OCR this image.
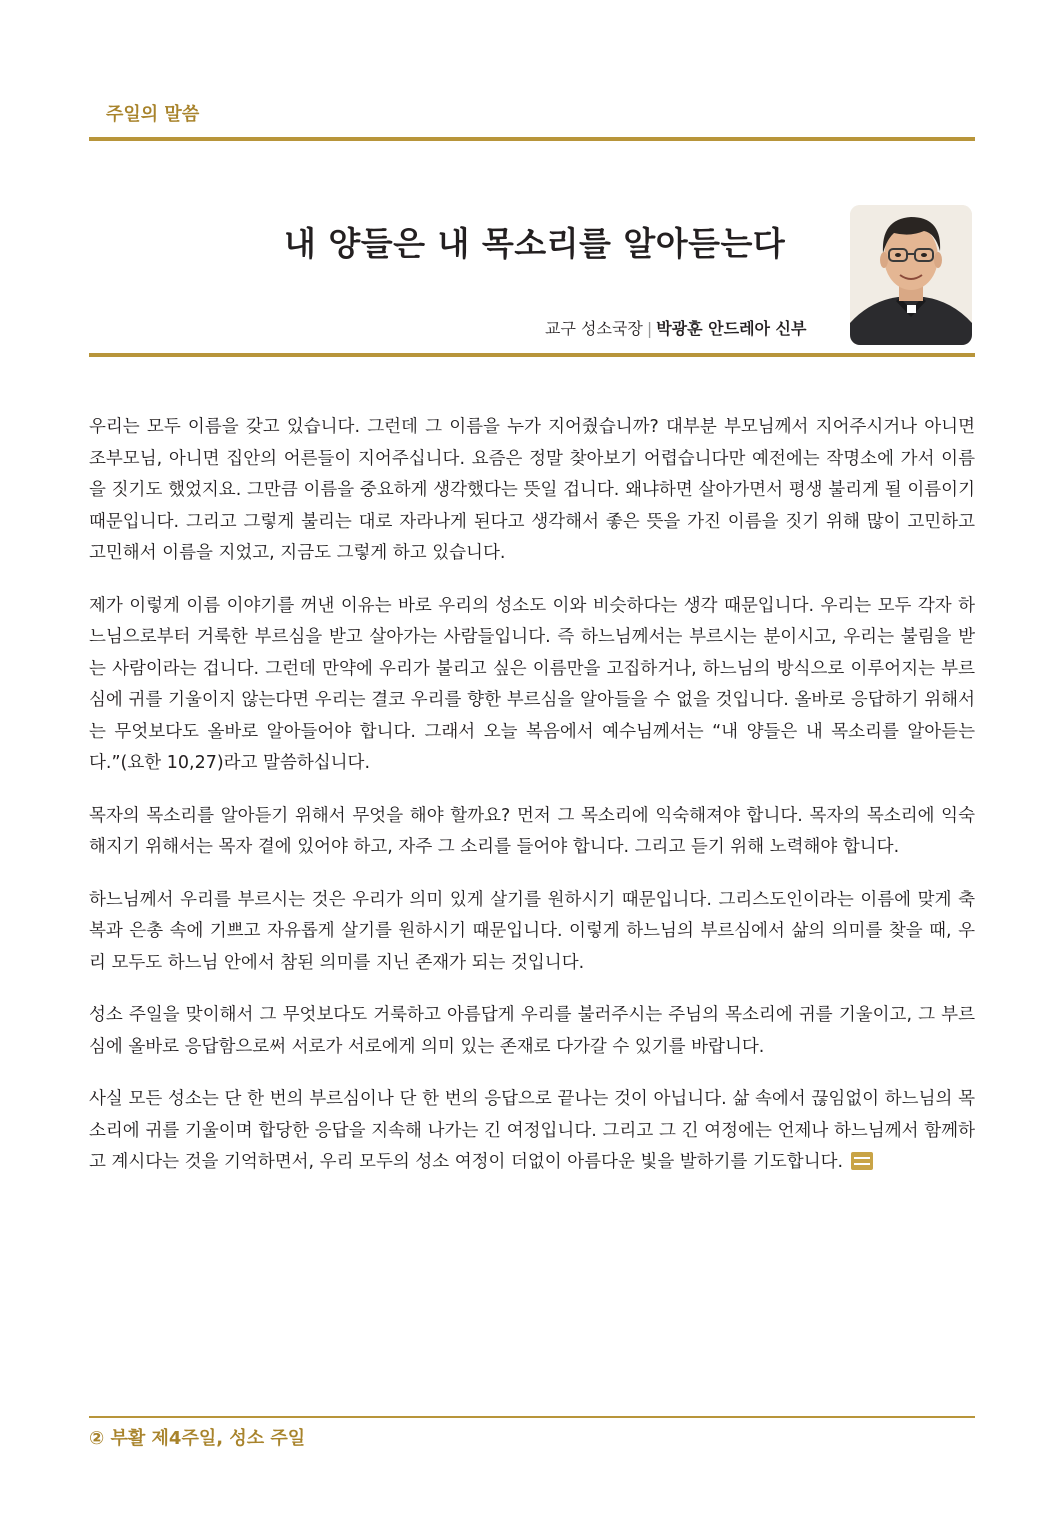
주일의 말씀
내 양들은 내 목소리를 알아듣는다
교구 성소국장 | 박광훈 안드레아 신부

우리는 모두 이름을 갖고 있습니다. 그런데 그 이름을 누가 지어줬습니까? 대부분 부모님께서 지어주시거나 아니면 조부모님, 아니면 집안의 어른들이 지어주십니다. 요즘은 정말 찾아보기 어렵습니다만 예전에는 작명소에 가서 이름을 짓기도 했었지요. 그만큼 이름을 중요하게 생각했다는 뜻일 겁니다. 왜냐하면 살아가면서 평생 불리게 될 이름이기 때문입니다. 그리고 그렇게 불리는 대로 자라나게 된다고 생각해서 좋은 뜻을 가진 이름을 짓기 위해 많이 고민하고 고민해서 이름을 지었고, 지금도 그렇게 하고 있습니다.

제가 이렇게 이름 이야기를 꺼낸 이유는 바로 우리의 성소도 이와 비슷하다는 생각 때문입니다. 우리는 모두 각자 하느님으로부터 거룩한 부르심을 받고 살아가는 사람들입니다. 즉 하느님께서는 부르시는 분이시고, 우리는 불림을 받는 사람이라는 겁니다. 그런데 만약에 우리가 불리고 싶은 이름만을 고집하거나, 하느님의 방식으로 이루어지는 부르심에 귀를 기울이지 않는다면 우리는 결코 우리를 향한 부르심을 알아들을 수 없을 것입니다. 올바로 응답하기 위해서는 무엇보다도 올바로 알아들어야 합니다. 그래서 오늘 복음에서 예수님께서는 “내 양들은 내 목소리를 알아듣는다.”(요한 10,27)라고 말씀하십니다.

목자의 목소리를 알아듣기 위해서 무엇을 해야 할까요? 먼저 그 목소리에 익숙해져야 합니다. 목자의 목소리에 익숙해지기 위해서는 목자 곁에 있어야 하고, 자주 그 소리를 들어야 합니다. 그리고 듣기 위해 노력해야 합니다.

하느님께서 우리를 부르시는 것은 우리가 의미 있게 살기를 원하시기 때문입니다. 그리스도인이라는 이름에 맞게 축복과 은총 속에 기쁘고 자유롭게 살기를 원하시기 때문입니다. 이렇게 하느님의 부르심에서 삶의 의미를 찾을 때, 우리 모두도 하느님 안에서 참된 의미를 지닌 존재가 되는 것입니다.

성소 주일을 맞이해서 그 무엇보다도 거룩하고 아름답게 우리를 불러주시는 주님의 목소리에 귀를 기울이고, 그 부르심에 올바로 응답함으로써 서로가 서로에게 의미 있는 존재로 다가갈 수 있기를 바랍니다.

사실 모든 성소는 단 한 번의 부르심이나 단 한 번의 응답으로 끝나는 것이 아닙니다. 삶 속에서 끊임없이 하느님의 목소리에 귀를 기울이며 합당한 응답을 지속해 나가는 긴 여정입니다. 그리고 그 긴 여정에는 언제나 하느님께서 함께하고 계시다는 것을 기억하면서, 우리 모두의 성소 여정이 더없이 아름다운 빛을 발하기를 기도합니다.

② 부활 제4주일, 성소 주일
